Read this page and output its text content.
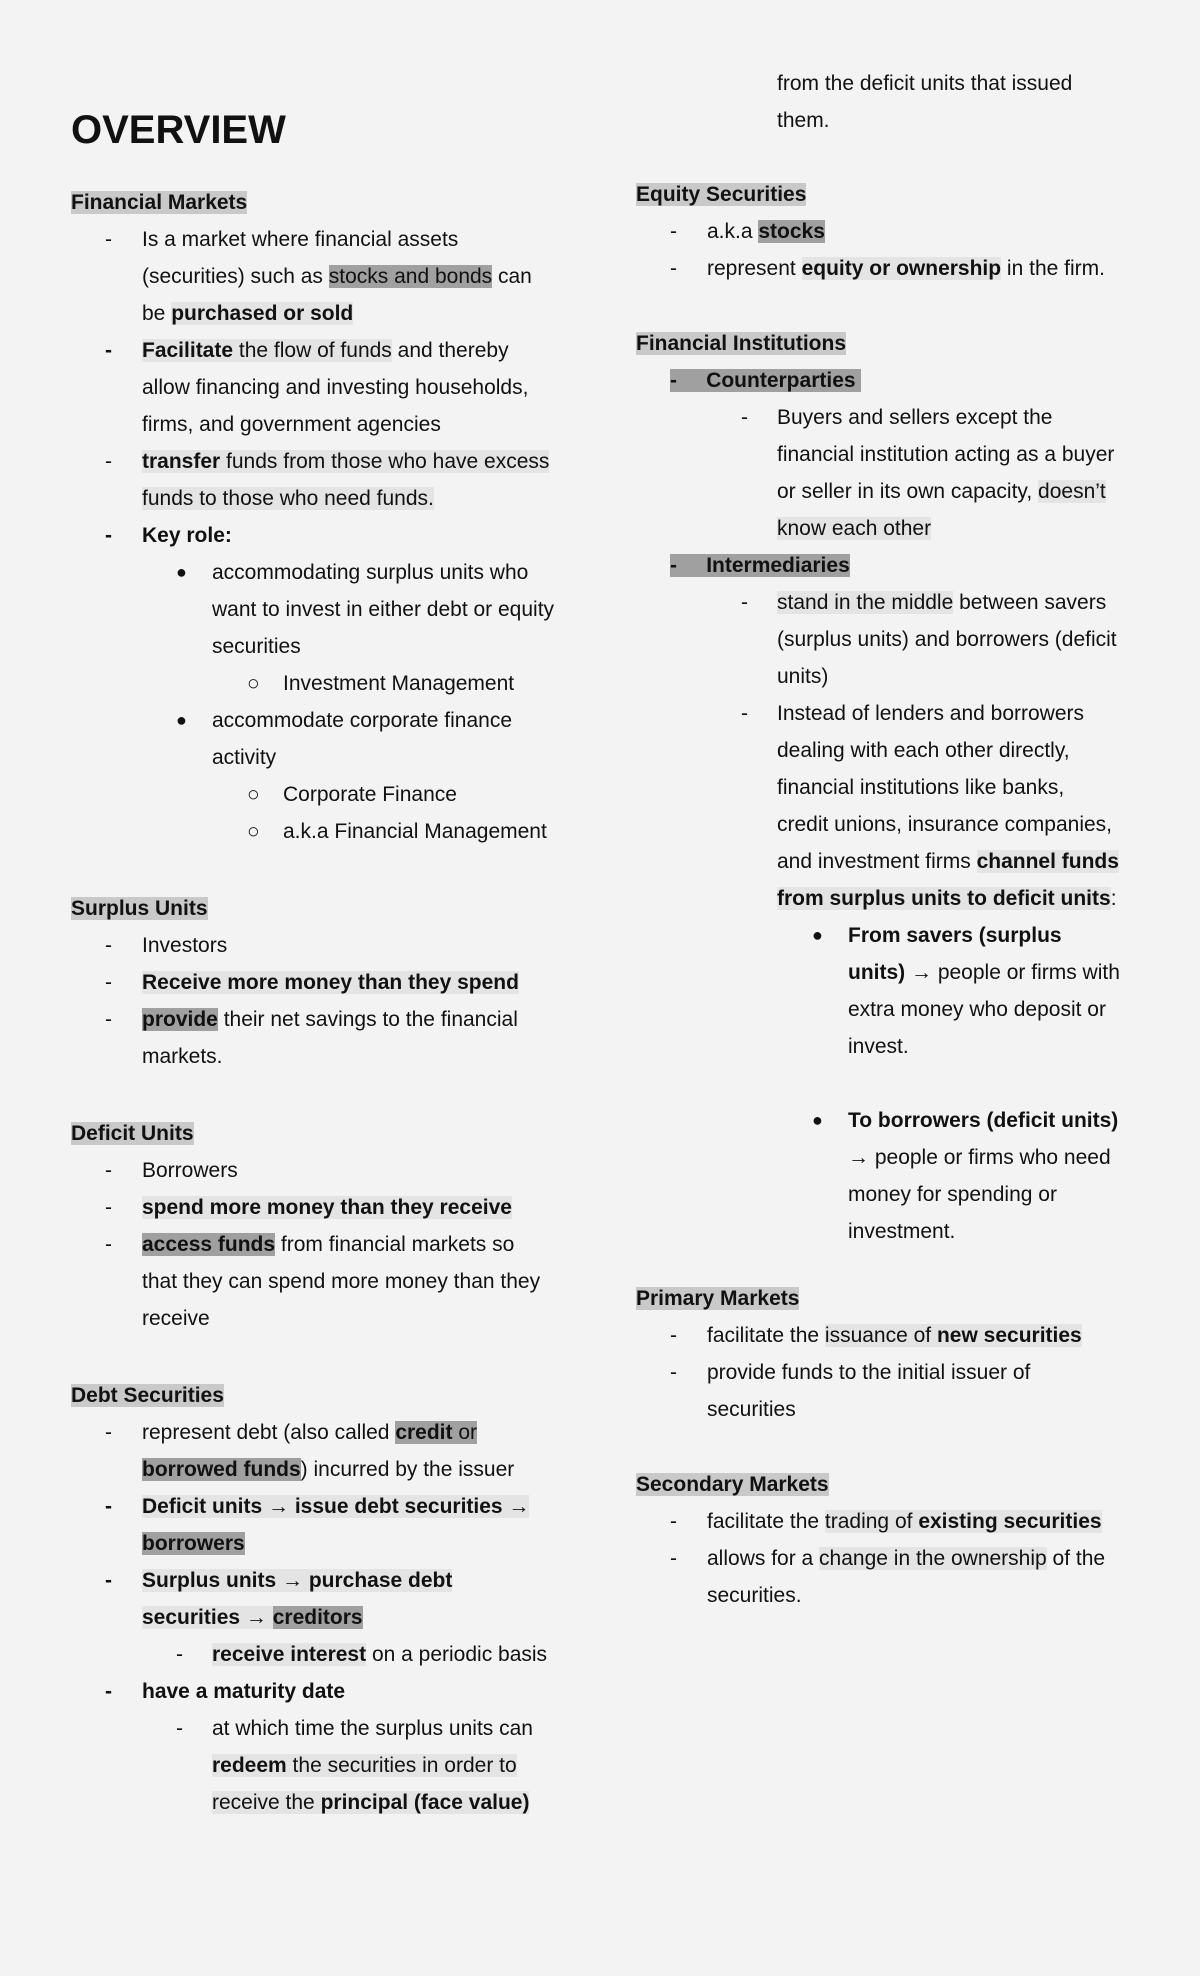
OVERVIEW
Financial Markets
- Is a market where financial assets
(securities) such as stocks and bonds can
be purchased or sold
- Facilitate the flow of funds and thereby
allow financing and investing households,
firms, and government agencies
- transfer funds from those who have excess
funds to those who need funds.
- Key role:
● accommodating surplus units who
want to invest in either debt or equity
securities
○ Investment Management
● accommodate corporate finance
activity
○ Corporate Finance
○ a.k.a Financial Management
Surplus Units
- Investors
- Receive more money than they spend
- provide their net savings to the financial
markets.
Deficit Units
- Borrowers
- spend more money than they receive
- access funds from financial markets so
that they can spend more money than they
receive
Debt Securities
- represent debt (also called credit or
borrowed funds) incurred by the issuer
- Deficit units → issue debt securities →
borrowers
- Surplus units → purchase debt
securities → creditors
- receive interest on a periodic basis
- have a maturity date
- at which time the surplus units can
redeem the securities in order to
receive the principal (face value)
from the deficit units that issued
them.
Equity Securities
- a.k.a stocks
- represent equity or ownership in the firm.
Financial Institutions
- Counterparties
- Buyers and sellers except the
financial institution acting as a buyer
or seller in its own capacity, doesn’t
know each other
- Intermediaries
- stand in the middle between savers
(surplus units) and borrowers (deficit
units)
- Instead of lenders and borrowers
dealing with each other directly,
financial institutions like banks,
credit unions, insurance companies,
and investment firms channel funds
from surplus units to deficit units:
● From savers (surplus
units) → people or firms with
extra money who deposit or
invest.
● To borrowers (deficit units)
→ people or firms who need
money for spending or
investment.
Primary Markets
- facilitate the issuance of new securities
- provide funds to the initial issuer of
securities
Secondary Markets
- facilitate the trading of existing securities
- allows for a change in the ownership of the
securities.
